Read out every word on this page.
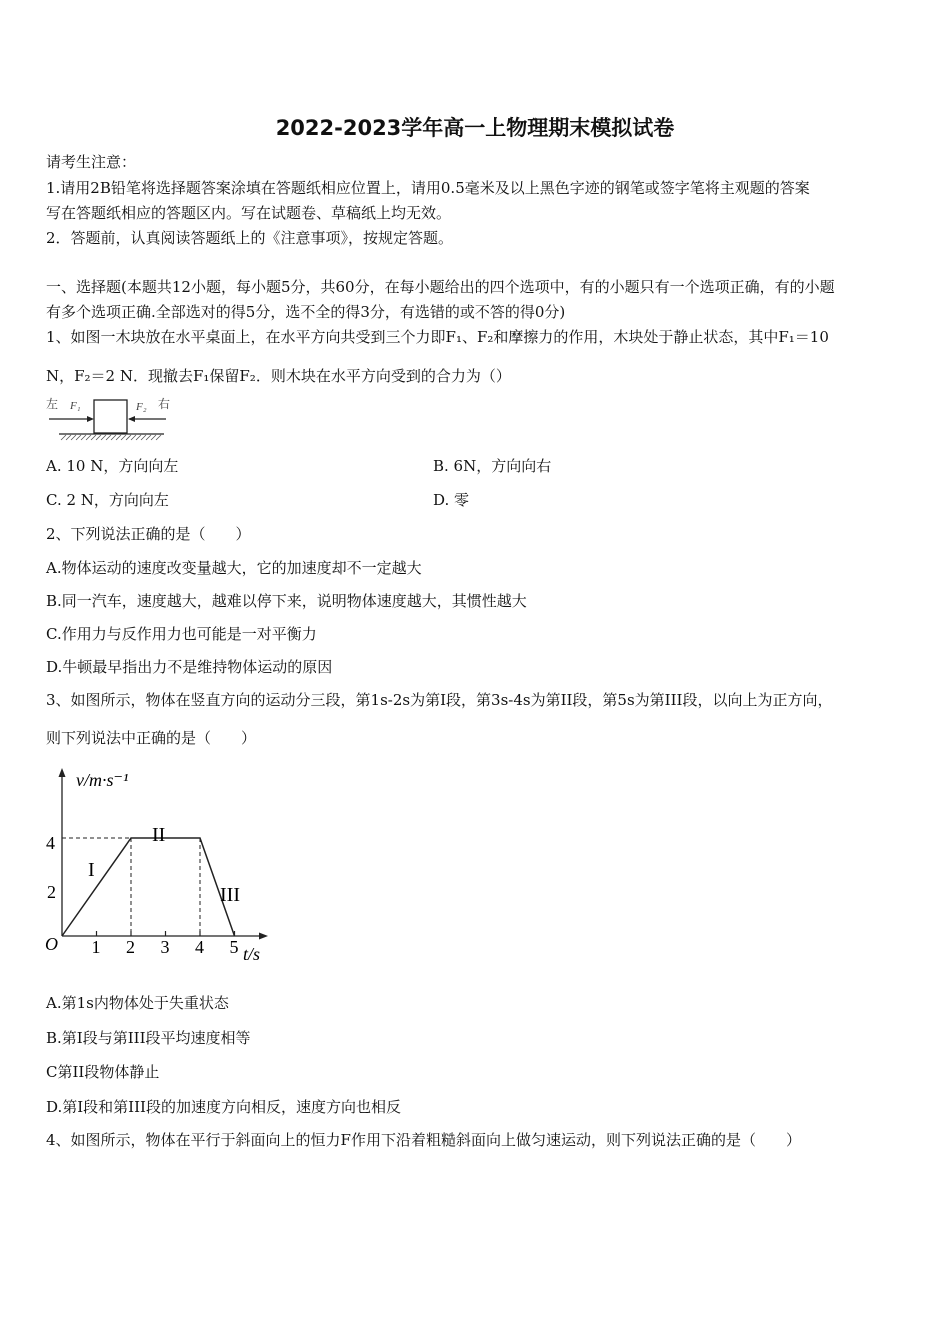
2022-2023学年高一上物理期末模拟试卷
请考生注意：
1.请用2B铅笔将选择题答案涂填在答题纸相应位置上，请用0.5毫米及以上黑色字迹的钢笔或签字笔将主观题的答案
写在答题纸相应的答题区内。写在试题卷、草稿纸上均无效。
2．答题前，认真阅读答题纸上的《注意事项》，按规定答题。
一、选择题(本题共12小题，每小题5分，共60分，在每小题给出的四个选项中，有的小题只有一个选项正确，有的小题
有多个选项正确.全部选对的得5分，选不全的得3分，有选错的或不答的得0分)
1、如图一木块放在水平桌面上，在水平方向共受到三个力即F₁、F₂和摩擦力的作用，木块处于静止状态，其中F₁＝10
N，F₂＝2 N．现撤去F₁保留F₂．则木块在水平方向受到的合力为（）
左	右
F₁	F₂
A. 10 N，方向向左	B. 6N，方向向右
C. 2 N，方向向左	D. 零
2、下列说法正确的是（　　）
A.物体运动的速度改变量越大，它的加速度却不一定越大
B.同一汽车，速度越大，越难以停下来，说明物体速度越大，其惯性越大
C.作用力与反作用力也可能是一对平衡力
D.牛顿最早指出力不是维持物体运动的原因
3、如图所示，物体在竖直方向的运动分三段，第1s-2s为第I段，第3s-4s为第II段，第5s为第III段，以向上为正方向，
则下列说法中正确的是（　　）
v/m·s⁻¹
t/s
O
4
2
1 2 3 4 5
I
II
III
A.第1s内物体处于失重状态
B.第I段与第III段平均速度相等
C第II段物体静止
D.第I段和第III段的加速度方向相反，速度方向也相反
4、如图所示，物体在平行于斜面向上的恒力F作用下沿着粗糙斜面向上做匀速运动，则下列说法正确的是（　　）
